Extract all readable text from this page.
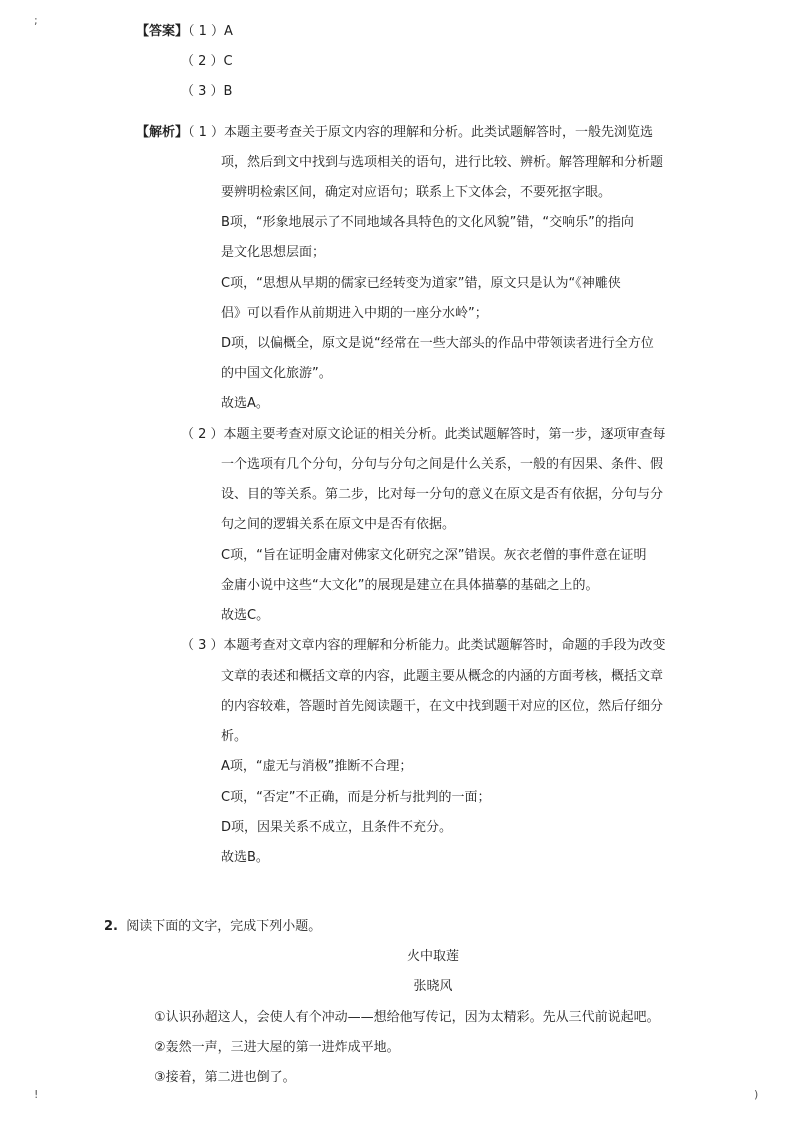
;
【答案】（ 1 ）A
（ 2 ）C
（ 3 ）B
【解析】（ 1 ）本题主要考查关于原文内容的理解和分析。此类试题解答时，一般先浏览选
项，然后到文中找到与选项相关的语句，进行比较、辨析。解答理解和分析题
要辨明检索区间，确定对应语句；联系上下文体会，不要死抠字眼。
B项，“形象地展示了不同地域各具特色的文化风貌”错，“交响乐”的指向
是文化思想层面；
C项，“思想从早期的儒家已经转变为道家”错，原文只是认为“《神雕侠
侣》可以看作从前期进入中期的一座分水岭”；
D项，以偏概全，原文是说“经常在一些大部头的作品中带领读者进行全方位
的中国文化旅游”。
故选A。
（ 2 ）本题主要考查对原文论证的相关分析。此类试题解答时，第一步，逐项审查每
一个选项有几个分句，分句与分句之间是什么关系，一般的有因果、条件、假
设、目的等关系。第二步，比对每一分句的意义在原文是否有依据，分句与分
句之间的逻辑关系在原文中是否有依据。
C项，“旨在证明金庸对佛家文化研究之深”错误。灰衣老僧的事件意在证明
金庸小说中这些“大文化”的展现是建立在具体描摹的基础之上的。
故选C。
（ 3 ）本题考查对文章内容的理解和分析能力。此类试题解答时，命题的手段为改变
文章的表述和概括文章的内容，此题主要从概念的内涵的方面考核，概括文章
的内容较难，答题时首先阅读题干，在文中找到题干对应的区位，然后仔细分
析。
A项，“虚无与消极”推断不合理；
C项，“否定”不正确，而是分析与批判的一面；
D项，因果关系不成立，且条件不充分。
故选B。
2. 阅读下面的文字，完成下列小题。
火中取莲
张晓风
①认识孙超这人，会使人有个冲动——想给他写传记，因为太精彩。先从三代前说起吧。
②轰然一声，三进大屋的第一进炸成平地。
③接着，第二进也倒了。
!	)
